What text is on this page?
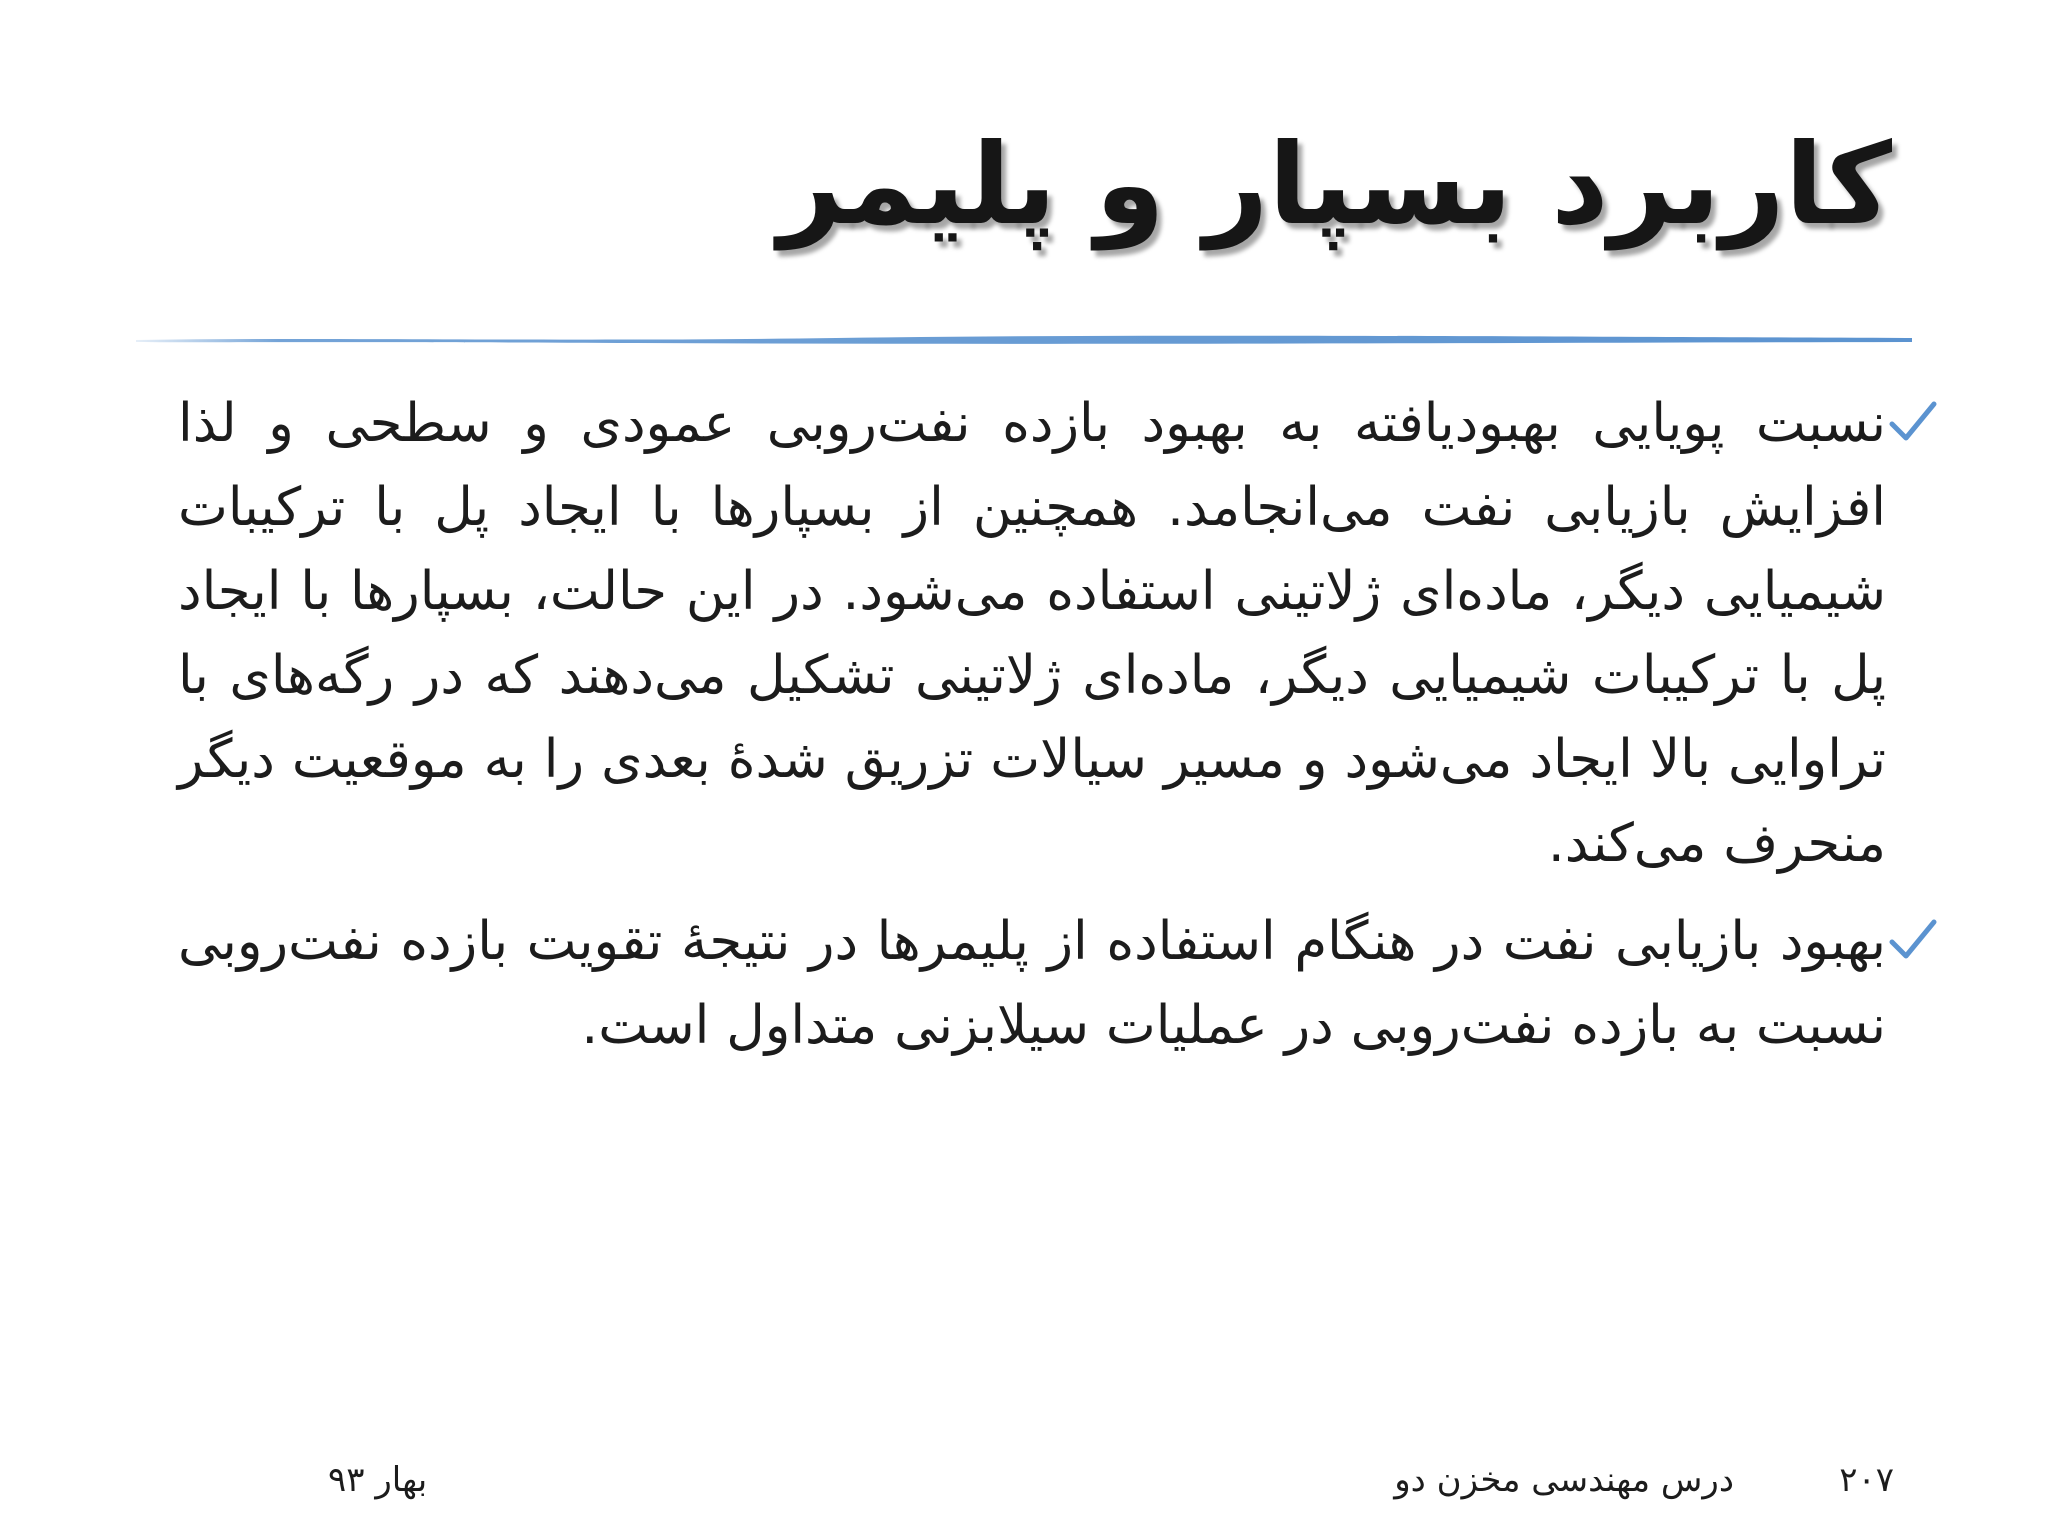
کاربرد بسپار و پلیمر
نسبت پویایی بهبودیافته به بهبود بازده نفت‌روبی عمودی و سطحی و لذا افزایش بازیابی نفت می‌انجامد. همچنین از بسپارها با ایجاد پل با ترکیبات شیمیایی دیگر، ماده‌ای ژلاتینی استفاده می‌شود. در این حالت، بسپارها با ایجاد پل با ترکیبات شیمیایی دیگر، ماده‌ای ژلاتینی تشکیل می‌دهند که در رگه‌های با تراوایی بالا ایجاد می‌شود و مسیر سیالات تزریق شدهٔ بعدی را به موقعیت دیگر منحرف می‌کند.
بهبود بازیابی نفت در هنگام استفاده از پلیمرها در نتیجهٔ تقویت بازده نفت‌روبی نسبت به بازده نفت‌روبی در عملیات سیلابزنی متداول است.
۲۰۷
درس مهندسی مخزن دو
بهار ۹۳
